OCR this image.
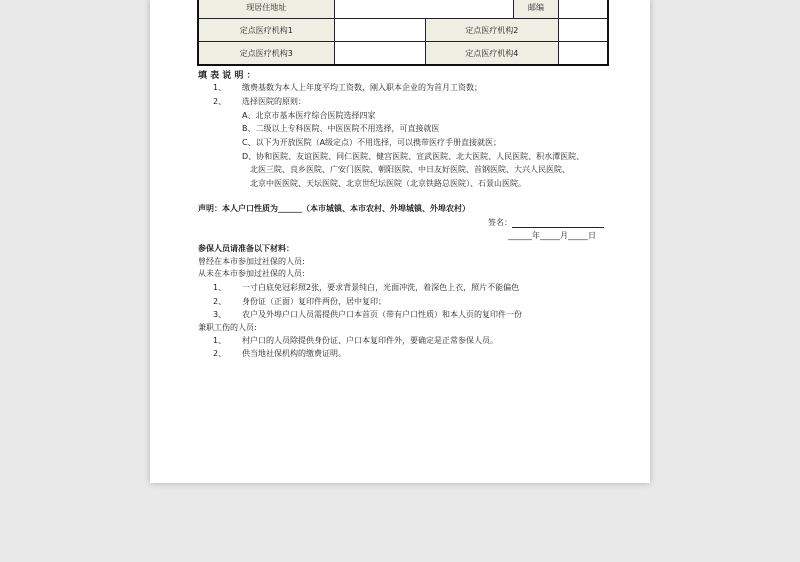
现居住地址			邮编	
定点医疗机构1		定点医疗机构2		
定点医疗机构3		定点医疗机构4		
填 表 说 明 ：
1、 缴费基数为本人上年度平均工资数，刚入职本企业的为首月工资数；
2、 选择医院的原则：
A、北京市基本医疗综合医院选择四家
B、二级以上专科医院、中医医院不用选择，可直接就医
C、以下为开放医院（A级定点）不用选择，可以携带医疗手册直接就医；
D、协和医院、友谊医院、同仁医院、健宫医院、宣武医院、北大医院、人民医院、积水潭医院、
北医三院、良乡医院、广安门医院、朝阳医院、中日友好医院、首钢医院、大兴人民医院、
北京中医医院、天坛医院、北京世纪坛医院（北京铁路总医院）、石景山医院。
声明：本人户口性质为______（本市城镇、本市农村、外埠城镇、外埠农村）
签名：
______年_____月_____日
参保人员请准备以下材料：
曾经在本市参加过社保的人员:
从未在本市参加过社保的人员:
1、 一寸白底免冠彩照2张，要求背景纯白，光面冲洗，着深色上衣，照片不能偏色
2、 身份证（正面）复印件两份，居中复印；
3、 农户及外埠户口人员需提供户口本首页（带有户口性质）和本人页的复印件一份
兼职工伤的人员:
1、 村户口的人员除提供身份证、户口本复印件外，要确定是正常参保人员。
2、 供当地社保机构的缴费证明。
